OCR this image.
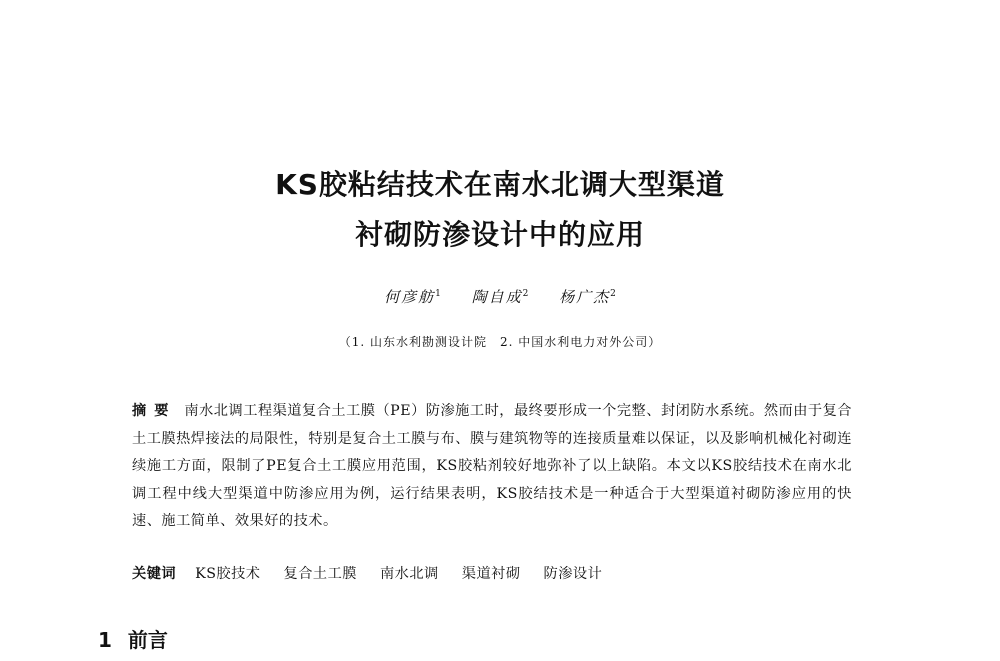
KS胶粘结技术在南水北调大型渠道
衬砌防渗设计中的应用
何彦舫$^1$ 陶自成$^2$ 杨广杰$^2$
（1. 山东水利勘测设计院　2. 中国水利电力对外公司）
摘要 南水北调工程渠道复合土工膜（PE）防渗施工时，最终要形成一个完整、封闭防水系统。然而由于复合土工膜热焊接法的局限性，特别是复合土工膜与布、膜与建筑物等的连接质量难以保证，以及影响机械化衬砌连续施工方面，限制了PE复合土工膜应用范围，KS胶粘剂较好地弥补了以上缺陷。本文以KS胶结技术在南水北调工程中线大型渠道中防渗应用为例，运行结果表明，KS胶结技术是一种适合于大型渠道衬砌防渗应用的快速、施工简单、效果好的技术。
关键词 KS胶技术 复合土工膜 南水北调 渠道衬砌 防渗设计
1 前言
